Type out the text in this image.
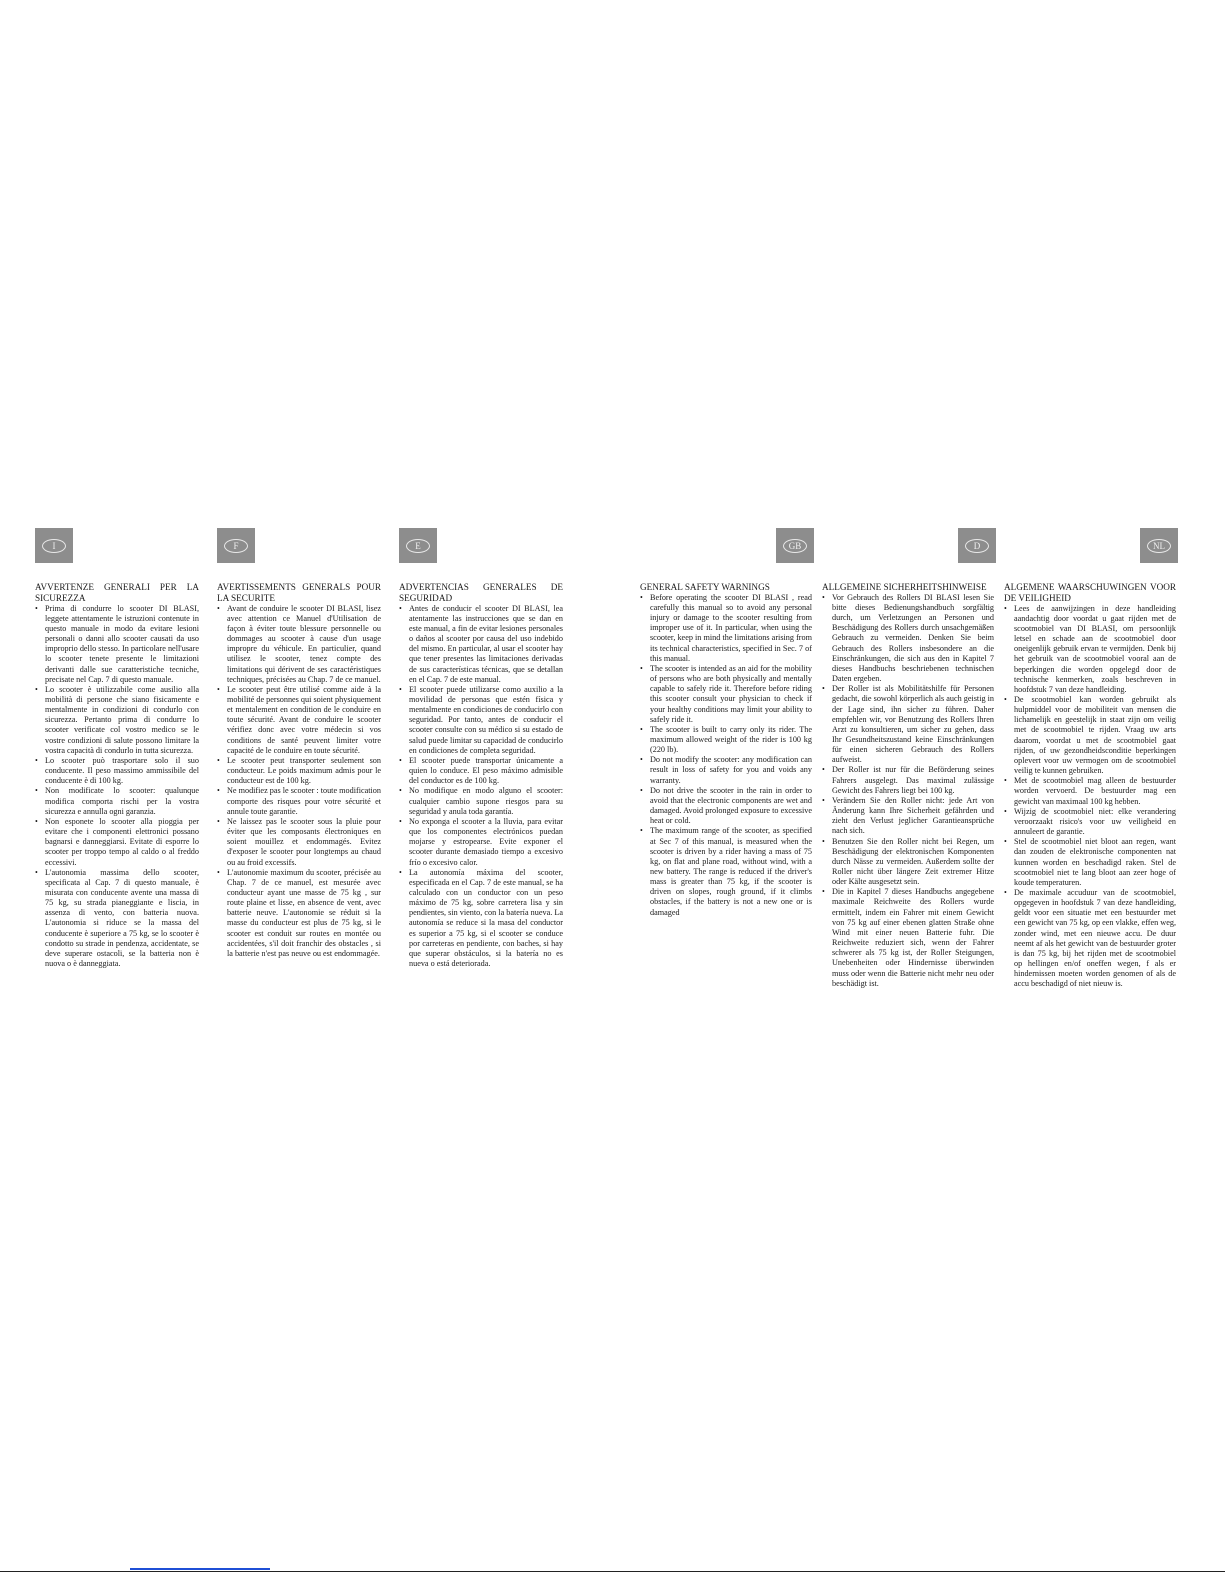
I
AVVERTENZE GENERALI PER LA SICUREZZA
• Prima di condurre lo scooter DI BLASI, leggete attentamente le istruzioni contenute in questo manuale in modo da evitare lesioni personali o danni allo scooter causati da uso improprio dello stesso. In particolare nell'usare lo scooter tenete presente le limitazioni derivanti dalle sue caratteristiche tecniche, precisate nel Cap. 7 di questo manuale.
• Lo scooter è utilizzabile come ausilio alla mobilità di persone che siano fisicamente e mentalmente in condizioni di condurlo con sicurezza. Pertanto prima di condurre lo scooter verificate col vostro medico se le vostre condizioni di salute possono limitare la vostra capacità di condurlo in tutta sicurezza.
• Lo scooter può trasportare solo il suo conducente. Il peso massimo ammissibile del conducente è di 100 kg.
• Non modificate lo scooter: qualunque modifica comporta rischi per la vostra sicurezza e annulla ogni garanzia.
• Non esponete lo scooter alla pioggia per evitare che i componenti elettronici possano bagnarsi e danneggiarsi. Evitate di esporre lo scooter per troppo tempo al caldo o al freddo eccessivi.
• L'autonomia massima dello scooter, specificata al Cap. 7 di questo manuale, è misurata con conducente avente una massa di 75 kg, su strada pianeggiante e liscia, in assenza di vento, con batteria nuova. L'autonomia si riduce se la massa del conducente è superiore a 75 kg, se lo scooter è condotto su strade in pendenza, accidentate, se deve superare ostacoli, se la batteria non è nuova o è danneggiata.
F
AVERTISSEMENTS GENERALS POUR LA SECURITE
• Avant de conduire le scooter DI BLASI, lisez avec attention ce Manuel d'Utilisation de façon à éviter toute blessure personnelle ou dommages au scooter à cause d'un usage impropre du véhicule. En particulier, quand utilisez le scooter, tenez compte des limitations qui dérivent de ses caractéristiques techniques, précisées au Chap. 7 de ce manuel.
• Le scooter peut être utilisé comme aide à la mobilité de personnes qui soient physiquement et mentalement en condition de le conduire en toute sécurité. Avant de conduire le scooter vérifiez donc avec votre médecin si vos conditions de santé peuvent limiter votre capacité de le conduire en toute sécurité.
• Le scooter peut transporter seulement son conducteur. Le poids maximum admis pour le conducteur est de 100 kg.
• Ne modifiez pas le scooter : toute modification comporte des risques pour votre sécurité et annule toute garantie.
• Ne laissez pas le scooter sous la pluie pour éviter que les composants électroniques en soient mouillez et endommagés. Evitez d'exposer le scooter pour longtemps au chaud ou au froid excessifs.
• L'autonomie maximum du scooter, précisée au Chap. 7 de ce manuel, est mesurée avec conducteur ayant une masse de 75 kg , sur route plaine et lisse, en absence de vent, avec batterie neuve. L'autonomie se réduit si la masse du conducteur est plus de 75 kg, si le scooter est conduit sur routes en montée ou accidentées, s'il doit franchir des obstacles , si la batterie n'est pas neuve ou est endommagée.
E
ADVERTENCIAS GENERALES DE SEGURIDAD
• Antes de conducir el scooter DI BLASI, lea atentamente las instrucciones que se dan en este manual, a fin de evitar lesiones personales o daños al scooter por causa del uso indebido del mismo. En particular, al usar el scooter hay que tener presentes las limitaciones derivadas de sus características técnicas, que se detallan en el Cap. 7 de este manual.
• El scooter puede utilizarse como auxilio a la movilidad de personas que estén física y mentalmente en condiciones de conducirlo con seguridad. Por tanto, antes de conducir el scooter consulte con su médico si su estado de salud puede limitar su capacidad de conducirlo en condiciones de completa seguridad.
• El scooter puede transportar únicamente a quien lo conduce. El peso máximo admisible del conductor es de 100 kg.
• No modifique en modo alguno el scooter: cualquier cambio supone riesgos para su seguridad y anula toda garantía.
• No exponga el scooter a la lluvia, para evitar que los componentes electrónicos puedan mojarse y estropearse. Evite exponer el scooter durante demasiado tiempo a excesivo frío o excesivo calor.
• La autonomía máxima del scooter, especificada en el Cap. 7 de este manual, se ha calculado con un conductor con un peso máximo de 75 kg, sobre carretera lisa y sin pendientes, sin viento, con la batería nueva. La autonomía se reduce si la masa del conductor es superior a 75 kg, si el scooter se conduce por carreteras en pendiente, con baches, si hay que superar obstáculos, si la batería no es nueva o está deteriorada.
GB
GENERAL SAFETY WARNINGS
• Before operating the scooter DI BLASI , read carefully this manual so to avoid any personal injury or damage to the scooter resulting from improper use of it. In particular, when using the scooter, keep in mind the limitations arising from its technical characteristics, specified in Sec. 7 of this manual.
• The scooter is intended as an aid for the mobility of persons who are both physically and mentally capable to safely ride it. Therefore before riding this scooter consult your physician to check if your healthy conditions may limit your ability to safely ride it.
• The scooter is built to carry only its rider. The maximum allowed weight of the rider is 100 kg (220 lb).
• Do not modify the scooter: any modification can result in loss of safety for you and voids any warranty.
• Do not drive the scooter in the rain in order to avoid that the electronic components are wet and damaged. Avoid prolonged exposure to excessive heat or cold.
• The maximum range of the scooter, as specified at Sec 7 of this manual, is measured when the scooter is driven by a rider having a mass of 75 kg, on flat and plane road, without wind, with a new battery. The range is reduced if the driver's mass is greater than 75 kg, if the scooter is driven on slopes, rough ground, if it climbs obstacles, if the battery is not a new one or is damaged
D
ALLGEMEINE SICHERHEITSHINWEISE
• Vor Gebrauch des Rollers DI BLASI lesen Sie bitte dieses Bedienungshandbuch sorgfältig durch, um Verletzungen an Personen und Beschädigung des Rollers durch unsachgemäßen Gebrauch zu vermeiden. Denken Sie beim Gebrauch des Rollers insbesondere an die Einschränkungen, die sich aus den in Kapitel 7 dieses Handbuchs beschriebenen technischen Daten ergeben.
• Der Roller ist als Mobilitätshilfe für Personen gedacht, die sowohl körperlich als auch geistig in der Lage sind, ihn sicher zu führen. Daher empfehlen wir, vor Benutzung des Rollers Ihren Arzt zu konsultieren, um sicher zu gehen, dass Ihr Gesundheitszustand keine Einschränkungen für einen sicheren Gebrauch des Rollers aufweist.
• Der Roller ist nur für die Beförderung seines Fahrers ausgelegt. Das maximal zulässige Gewicht des Fahrers liegt bei 100 kg.
• Verändern Sie den Roller nicht: jede Art von Änderung kann Ihre Sicherheit gefährden und zieht den Verlust jeglicher Garantieansprüche nach sich.
• Benutzen Sie den Roller nicht bei Regen, um Beschädigung der elektronischen Komponenten durch Nässe zu vermeiden. Außerdem sollte der Roller nicht über längere Zeit extremer Hitze oder Kälte ausgesetzt sein.
• Die in Kapitel 7 dieses Handbuchs angegebene maximale Reichweite des Rollers wurde ermittelt, indem ein Fahrer mit einem Gewicht von 75 kg auf einer ebenen glatten Straße ohne Wind mit einer neuen Batterie fuhr. Die Reichweite reduziert sich, wenn der Fahrer schwerer als 75 kg ist, der Roller Steigungen, Unebenheiten oder Hindernisse überwinden muss oder wenn die Batterie nicht mehr neu oder beschädigt ist.
NL
ALGEMENE WAARSCHUWINGEN VOOR DE VEILIGHEID
• Lees de aanwijzingen in deze handleiding aandachtig door voordat u gaat rijden met de scootmobiel van DI BLASI, om persoonlijk letsel en schade aan de scootmobiel door oneigenlijk gebruik ervan te vermijden. Denk bij het gebruik van de scootmobiel vooral aan de beperkingen die worden opgelegd door de technische kenmerken, zoals beschreven in hoofdstuk 7 van deze handleiding.
• De scootmobiel kan worden gebruikt als hulpmiddel voor de mobiliteit van mensen die lichamelijk en geestelijk in staat zijn om veilig met de scootmobiel te rijden. Vraag uw arts daarom, voordat u met de scootmobiel gaat rijden, of uw gezondheidsconditie beperkingen oplevert voor uw vermogen om de scootmobiel veilig te kunnen gebruiken.
• Met de scootmobiel mag alleen de bestuurder worden vervoerd. De bestuurder mag een gewicht van maximaal 100 kg hebben.
• Wijzig de scootmobiel niet: elke verandering veroorzaakt risico's voor uw veiligheid en annuleert de garantie.
• Stel de scootmobiel niet bloot aan regen, want dan zouden de elektronische componenten nat kunnen worden en beschadigd raken. Stel de scootmobiel niet te lang bloot aan zeer hoge of koude temperaturen.
• De maximale accuduur van de scootmobiel, opgegeven in hoofdstuk 7 van deze handleiding, geldt voor een situatie met een bestuurder met een gewicht van 75 kg, op een vlakke, effen weg, zonder wind, met een nieuwe accu. De duur neemt af als het gewicht van de bestuurder groter is dan 75 kg, bij het rijden met de scootmobiel op hellingen en/of oneffen wegen, f als er hindernissen moeten worden genomen of als de accu beschadigd of niet nieuw is.
